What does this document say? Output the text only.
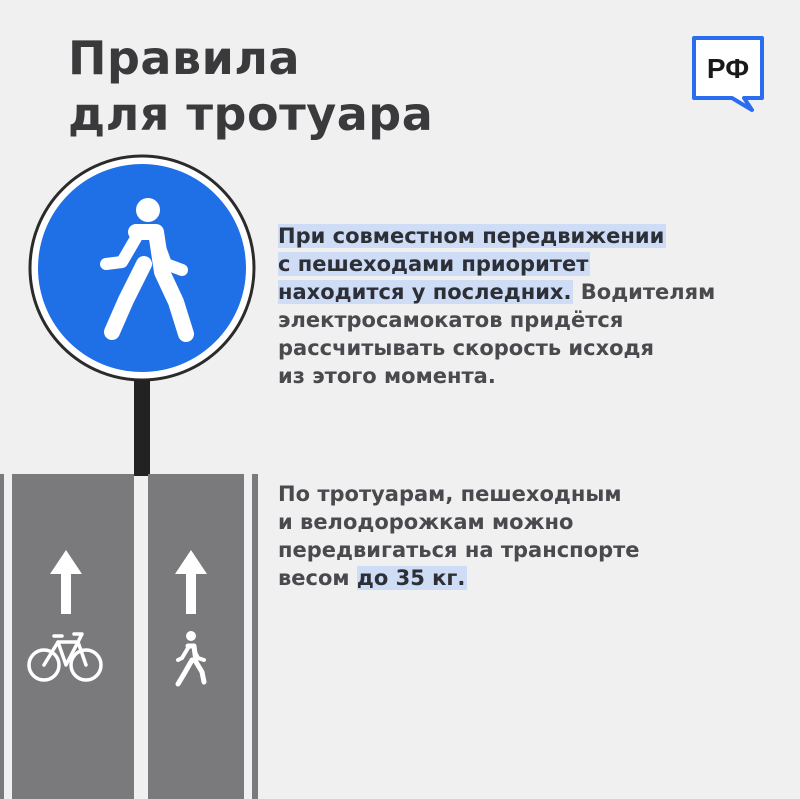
Правила
для тротуара
РФ
При совместном передвижении
с пешеходами приоритет
находится у последних. Водителям
электросамокатов придётся
рассчитывать скорость исходя
из этого момента.
По тротуарам, пешеходным
и велодорожкам можно
передвигаться на транспорте
весом до 35 кг.
